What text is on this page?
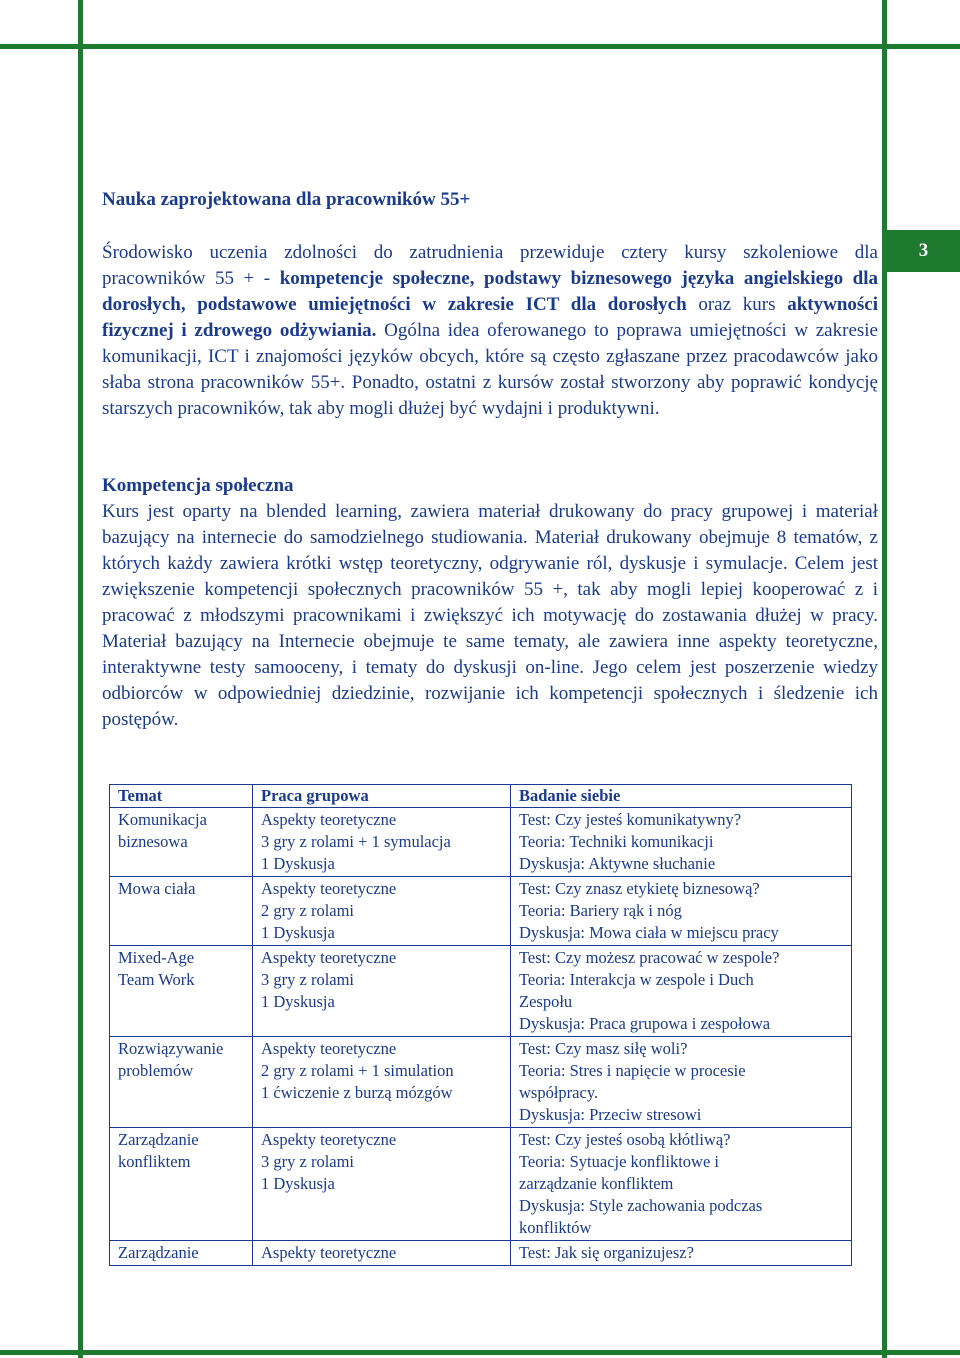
3
Nauka zaprojektowana dla pracowników 55+

Środowisko uczenia zdolności do zatrudnienia przewiduje cztery kursy szkoleniowe dla pracowników 55 + - kompetencje społeczne, podstawy biznesowego języka angielskiego dla dorosłych, podstawowe umiejętności w zakresie ICT dla dorosłych oraz kurs aktywności fizycznej i zdrowego odżywiania. Ogólna idea oferowanego to poprawa umiejętności w zakresie komunikacji, ICT i znajomości języków obcych, które są często zgłaszane przez pracodawców jako słaba strona pracowników 55+. Ponadto, ostatni z kursów został stworzony aby poprawić kondycję starszych pracowników, tak aby mogli dłużej być wydajni i produktywni.

Kompetencja społeczna

Kurs jest oparty na blended learning, zawiera materiał drukowany do pracy grupowej i materiał bazujący na internecie do samodzielnego studiowania. Materiał drukowany obejmuje 8 tematów, z których każdy zawiera krótki wstęp teoretyczny, odgrywanie ról, dyskusje i symulacje. Celem jest zwiększenie kompetencji społecznych pracowników 55 +, tak aby mogli lepiej kooperować z i pracować z młodszymi pracownikami i zwiększyć ich motywację do zostawania dłużej w pracy. Materiał bazujący na Internecie obejmuje te same tematy, ale zawiera inne aspekty teoretyczne, interaktywne testy samooceny, i tematy do dyskusji on-line. Jego celem jest poszerzenie wiedzy odbiorców w odpowiedniej dziedzinie, rozwijanie ich kompetencji społecznych i śledzenie ich postępów.

Temat	Praca grupowa	Badanie siebie

Komunikacja
biznesowa	Aspekty teoretyczne
3 gry z rolami + 1 symulacja
1 Dyskusja	Test: Czy jesteś komunikatywny?
Teoria: Techniki komunikacji
Dyskusja: Aktywne słuchanie

Mowa ciała	Aspekty teoretyczne
2 gry z rolami
1 Dyskusja	Test: Czy znasz etykietę biznesową?
Teoria: Bariery rąk i nóg
Dyskusja: Mowa ciała w miejscu pracy

Mixed-Age
Team Work	Aspekty teoretyczne
3 gry z rolami
1 Dyskusja	Test: Czy możesz pracować w zespole?
Teoria: Interakcja w zespole i Duch
Zespołu
Dyskusja: Praca grupowa i zespołowa

Rozwiązywanie
problemów	Aspekty teoretyczne
2 gry z rolami + 1 simulation
1 ćwiczenie z burzą mózgów	Test: Czy masz siłę woli?
Teoria: Stres i napięcie w procesie
współpracy.
Dyskusja: Przeciw stresowi

Zarządzanie
konfliktem	Aspekty teoretyczne
3 gry z rolami
1 Dyskusja	Test: Czy jesteś osobą kłótliwą?
Teoria: Sytuacje konfliktowe i
zarządzanie konfliktem
Dyskusja: Style zachowania podczas
konfliktów

Zarządzanie	Aspekty teoretyczne	Test: Jak się organizujesz?
